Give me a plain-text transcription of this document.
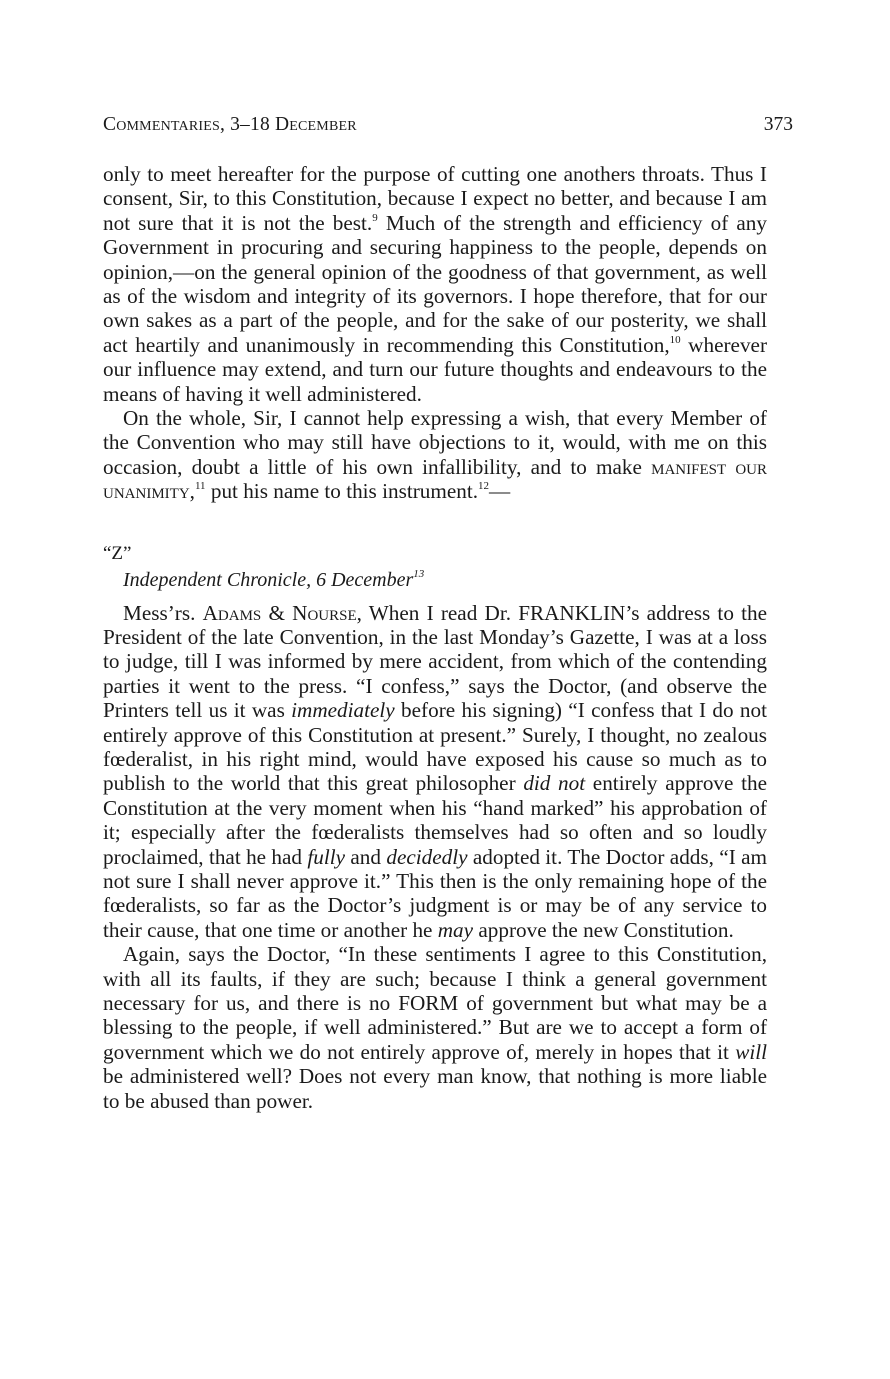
Commentaries, 3–18 December	373

only to meet hereafter for the purpose of cutting one anothers throats. Thus I consent, Sir, to this Constitution, because I expect no better, and because I am not sure that it is not the best.$^9$ Much of the strength and efficiency of any Government in procuring and securing happiness to the people, depends on opinion,—on the general opinion of the goodness of that government, as well as of the wisdom and integrity of its governors. I hope therefore, that for our own sakes as a part of the people, and for the sake of our posterity, we shall act heartily and unanimously in recommending this Constitution,$^{10}$ wherever our influence may extend, and turn our future thoughts and endeavours to the means of having it well administered.

On the whole, Sir, I cannot help expressing a wish, that every Member of the Convention who may still have objections to it, would, with me on this occasion, doubt a little of his own infallibility, and to make manifest our unanimity,$^{11}$ put his name to this instrument.$^{12}$—

“Z”

Independent Chronicle, 6 December$^{13}$

Mess’rs. Adams & Nourse, When I read Dr. FRANKLIN’s address to the President of the late Convention, in the last Monday’s Gazette, I was at a loss to judge, till I was informed by mere accident, from which of the contending parties it went to the press. “I confess,” says the Doctor, (and observe the Printers tell us it was immediately before his signing) “I confess that I do not entirely approve of this Constitution at present.” Surely, I thought, no zealous fœderalist, in his right mind, would have exposed his cause so much as to publish to the world that this great philosopher did not entirely approve the Constitution at the very moment when his “hand marked” his approbation of it; especially after the fœderalists themselves had so often and so loudly proclaimed, that he had fully and decidedly adopted it. The Doctor adds, “I am not sure I shall never approve it.” This then is the only remaining hope of the fœderalists, so far as the Doctor’s judgment is or may be of any service to their cause, that one time or another he may approve the new Constitution.

Again, says the Doctor, “In these sentiments I agree to this Constitution, with all its faults, if they are such; because I think a general government necessary for us, and there is no FORM of government but what may be a blessing to the people, if well administered.” But are we to accept a form of government which we do not entirely approve of, merely in hopes that it will be administered well? Does not every man know, that nothing is more liable to be abused than power.
